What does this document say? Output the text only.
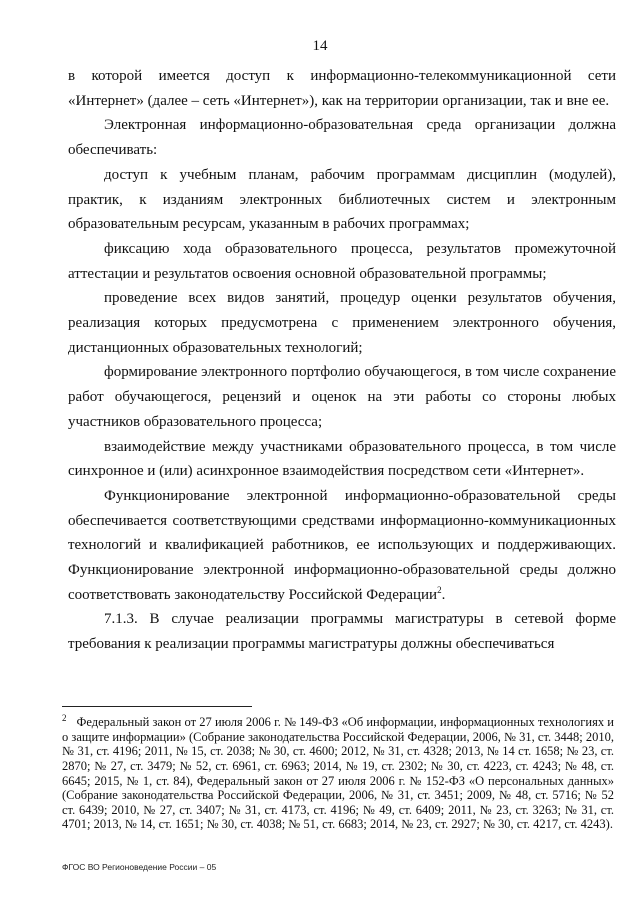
14

в которой имеется доступ к информационно-телекоммуникационной сети «Интернет» (далее – сеть «Интернет»), как на территории организации, так и вне ее.

Электронная информационно-образовательная среда организации должна обеспечивать:

доступ к учебным планам, рабочим программам дисциплин (модулей), практик, к изданиям электронных библиотечных систем и электронным образовательным ресурсам, указанным в рабочих программах;

фиксацию хода образовательного процесса, результатов промежуточной аттестации и результатов освоения основной образовательной программы;

проведение всех видов занятий, процедур оценки результатов обучения, реализация которых предусмотрена с применением электронного обучения, дистанционных образовательных технологий;

формирование электронного портфолио обучающегося, в том числе сохранение работ обучающегося, рецензий и оценок на эти работы со стороны любых участников образовательного процесса;

взаимодействие между участниками образовательного процесса, в том числе синхронное и (или) асинхронное взаимодействия посредством сети «Интернет».

Функционирование электронной информационно-образовательной среды обеспечивается соответствующими средствами информационно-коммуникационных технологий и квалификацией работников, ее использующих и поддерживающих. Функционирование электронной информационно-образовательной среды должно соответствовать законодательству Российской Федерации$^2$.

7.1.3. В случае реализации программы магистратуры в сетевой форме требования к реализации программы магистратуры должны обеспечиваться

$^2$ Федеральный закон от 27 июля 2006 г. № 149-ФЗ «Об информации, информационных технологиях и о защите информации» (Собрание законодательства Российской Федерации, 2006, № 31, ст. 3448; 2010, № 31, ст. 4196; 2011, № 15, ст. 2038; № 30, ст. 4600; 2012, № 31, ст. 4328; 2013, № 14 ст. 1658; № 23, ст. 2870; № 27, ст. 3479; № 52, ст. 6961, ст. 6963; 2014, № 19, ст. 2302; № 30, ст. 4223, ст. 4243; № 48, ст. 6645; 2015, № 1, ст. 84), Федеральный закон от 27 июля 2006 г. № 152-ФЗ «О персональных данных» (Собрание законодательства Российской Федерации, 2006, № 31, ст. 3451; 2009, № 48, ст. 5716; № 52 ст. 6439; 2010, № 27, ст. 3407; № 31, ст. 4173, ст. 4196; № 49, ст. 6409; 2011, № 23, ст. 3263; № 31, ст. 4701; 2013, № 14, ст. 1651; № 30, ст. 4038; № 51, ст. 6683; 2014, № 23, ст. 2927; № 30, ст. 4217, ст. 4243).
ФГОС ВО Регионоведение России – 05
